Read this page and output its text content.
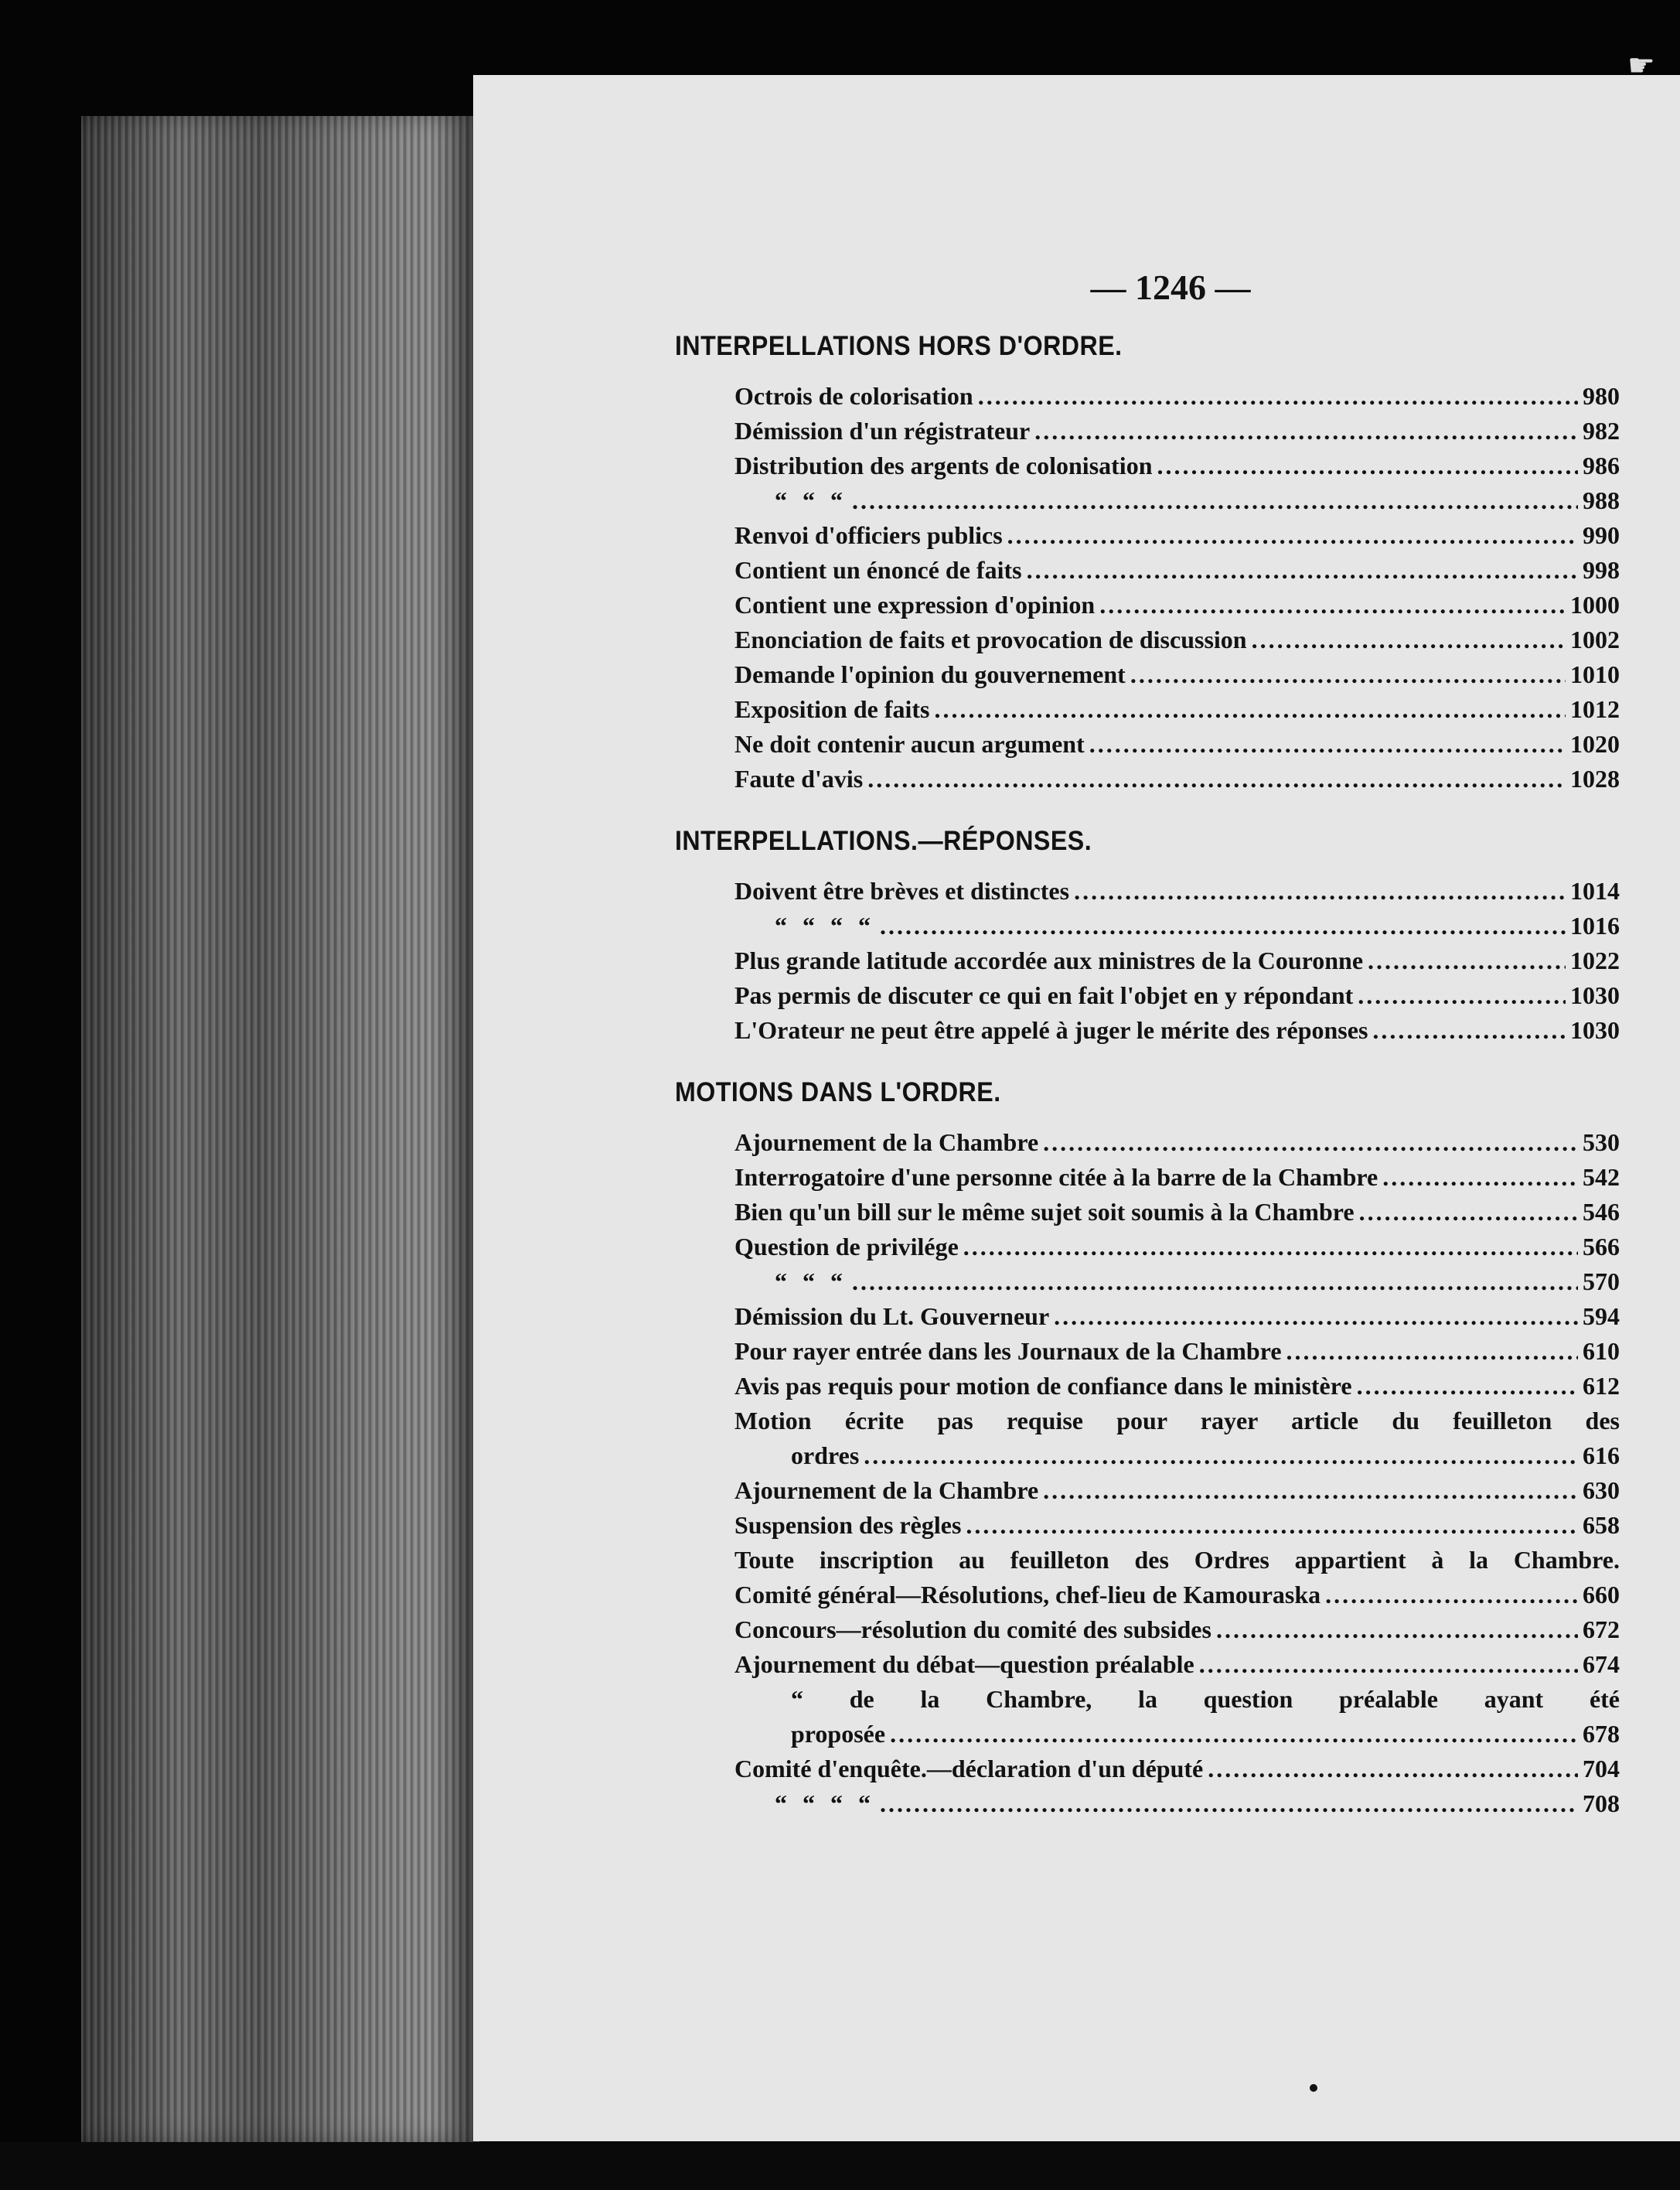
☛
— 1246 —
INTERPELLATIONS HORS D'ORDRE.
Octrois de colorisation .....	980
Démission d'un régistrateur .....	982
Distribution des argents de colonisation .....	986
“ “ “ .....	988
Renvoi d'officiers publics .....	990
Contient un énoncé de faits .....	998
Contient une expression d'opinion .....	1000
Enonciation de faits et provocation de discussion .....	1002
Demande l'opinion du gouvernement .....	1010
Exposition de faits .....	1012
Ne doit contenir aucun argument .....	1020
Faute d'avis .....	1028
INTERPELLATIONS.—RÉPONSES.
Doivent être brèves et distinctes .....	1014
“ “ “ “ .....	1016
Plus grande latitude accordée aux ministres de la Couronne .....	1022
Pas permis de discuter ce qui en fait l'objet en y répondant .....	1030
L'Orateur ne peut être appelé à juger le mérite des réponses .....	1030
MOTIONS DANS L'ORDRE.
Ajournement de la Chambre .....	530
Interrogatoire d'une personne citée à la barre de la Chambre .....	542
Bien qu'un bill sur le même sujet soit soumis à la Chambre .....	546
Question de privilége .....	566
“ “ “ .....	570
Démission du Lt. Gouverneur .....	594
Pour rayer entrée dans les Journaux de la Chambre .....	610
Avis pas requis pour motion de confiance dans le ministère .....	612
Motion écrite pas requise pour rayer article du feuilleton des
ordres .....	616
Ajournement de la Chambre .....	630
Suspension des règles .....	658
Toute inscription au feuilleton des Ordres appartient à la Chambre.
Comité général—Résolutions, chef-lieu de Kamouraska .....	660
Concours—résolution du comité des subsides .....	672
Ajournement du débat—question préalable .....	674
“ de la Chambre, la question préalable ayant été
proposée .....	678
Comité d'enquête.—déclaration d'un député .....	704
“ “ “ “ .....	708
